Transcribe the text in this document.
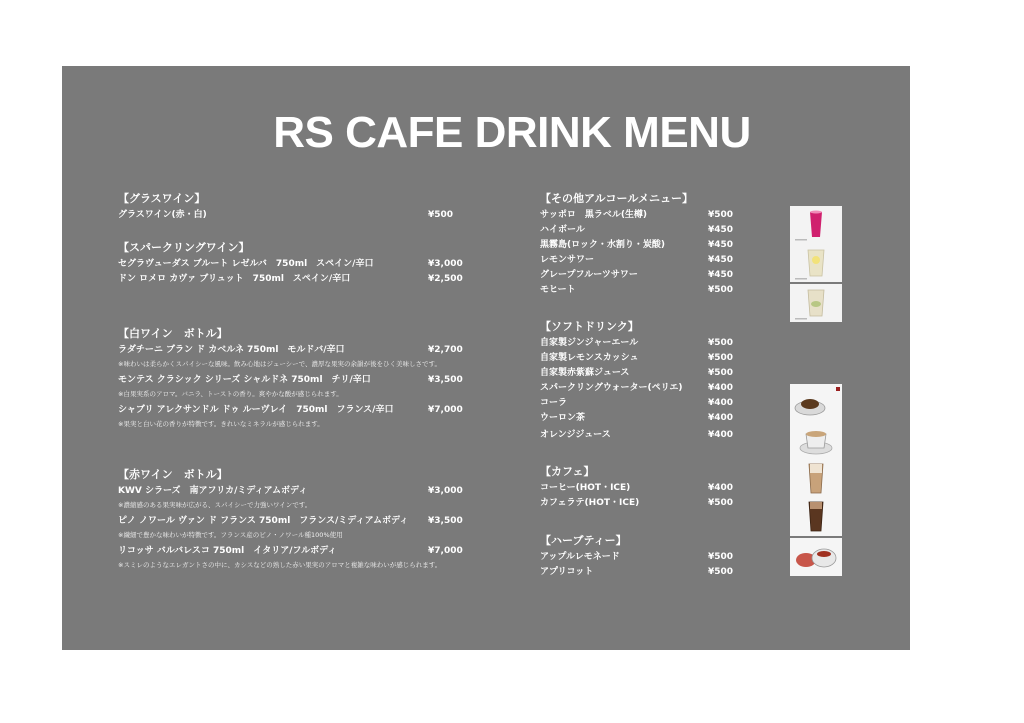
RS CAFE DRINK MENU
【グラスワイン】
グラスワイン(赤・白)	¥500
【スパークリングワイン】
セグラヴューダス ブルート レゼルバ　750ml　スペイン/辛口	¥3,000
ドン ロメロ カヴァ ブリュット　750ml　スペイン/辛口	¥2,500
【白ワイン　ボトル】
ラダチーニ ブラン ド カベルネ 750ml　モルドバ/辛口	¥2,700
※味わいは柔らかくスパイシーな風味。飲み心地はジューシーで、濃厚な果実の余韻が後をひく美味しさです。
モンテス クラシック シリーズ シャルドネ 750ml　チリ/辛口	¥3,500
※白果実系のアロマ。バニラ、トーストの香り。爽やかな酸が感じられます。
シャブリ アレクサンドル ドゥ ルーヴレイ　750ml　フランス/辛口	¥7,000
※果実と白い花の香りが特徴です。きれいなミネラルが感じられます。
【赤ワイン　ボトル】
KWV シラーズ　南アフリカ/ミディアムボディ	¥3,000
※濃縮感のある果実味が広がる、スパイシーで力強いワインです。
ピノ ノワール ヴァン ド フランス 750ml　フランス/ミディアムボディ ¥3,500
※繊細で豊かな味わいが特徴です。フランス産のピノ・ノワール種100%使用
リコッサ バルバレスコ 750ml　イタリア/フルボディ	¥7,000
※スミレのようなエレガントさの中に、カシスなどの熟した赤い果実のアロマと複雑な味わいが感じられます。
【その他アルコールメニュー】
サッポロ　黒ラベル(生樽)	¥500
ハイボール	¥450
黒霧島(ロック・水割り・炭酸)	¥450
レモンサワー	¥450
グレープフルーツサワー	¥450
モヒート	¥500
【ソフトドリンク】
自家製ジンジャーエール	¥500
自家製レモンスカッシュ	¥500
自家製赤紫蘇ジュース	¥500
スパークリングウォーター(ペリエ)	¥400
コーラ	¥400
ウーロン茶	¥400
オレンジジュース	¥400
【カフェ】
コーヒー(HOT・ICE)	¥400
カフェラテ(HOT・ICE)	¥500
【ハーブティー】
アップルレモネード	¥500
アプリコット	¥500
